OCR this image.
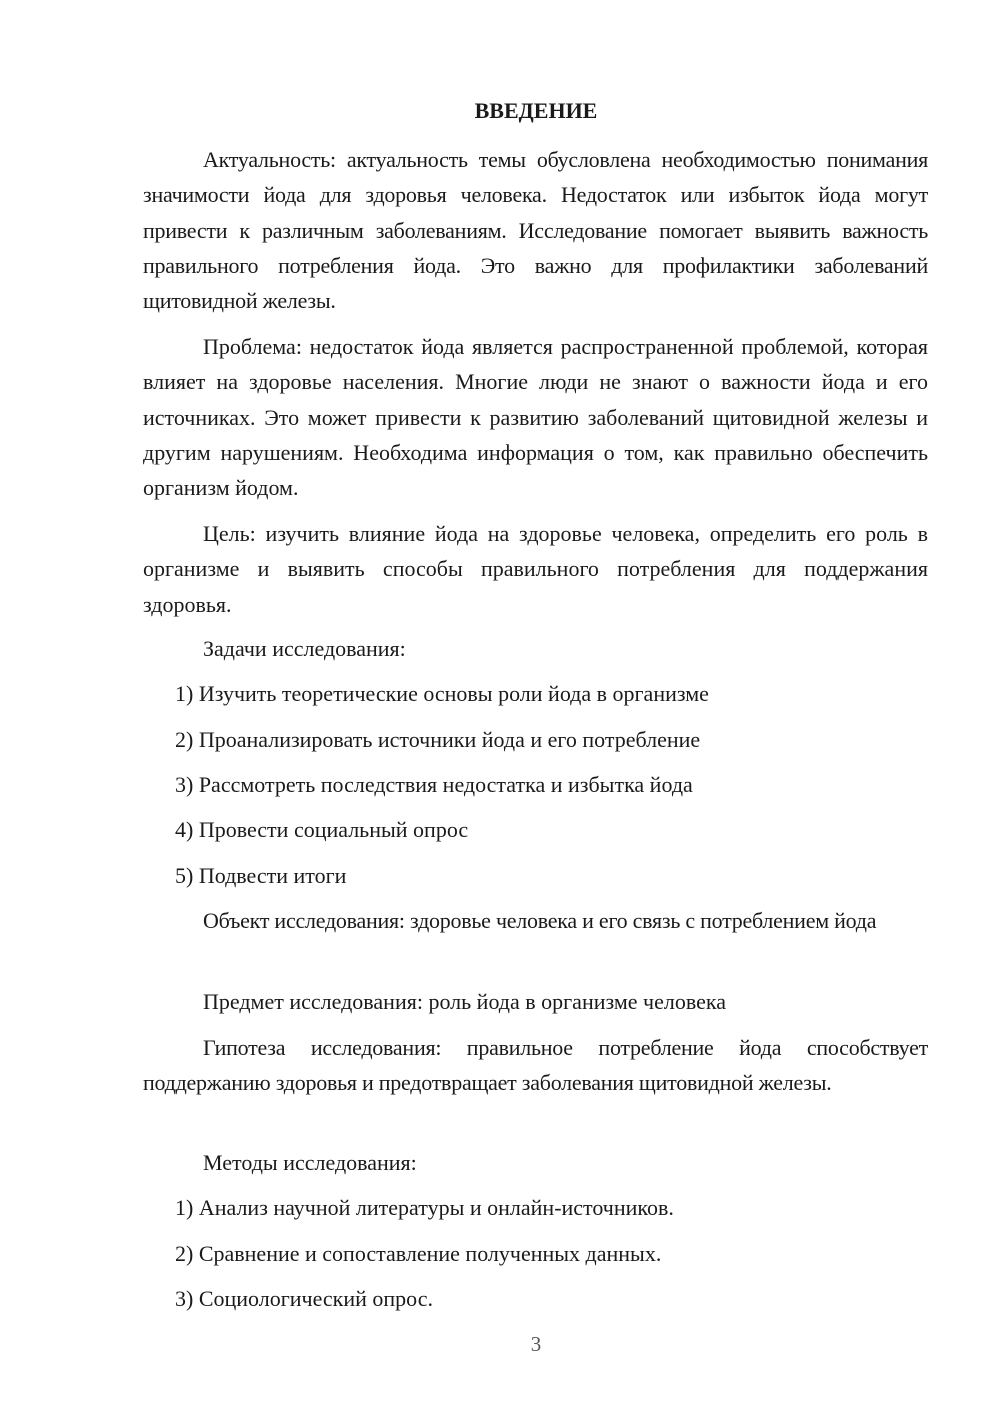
ВВЕДЕНИЕ
Актуальность: актуальность темы обусловлена необходимостью понимания значимости йода для здоровья человека. Недостаток или избыток йода могут привести к различным заболеваниям. Исследование помогает выявить важность правильного потребления йода. Это важно для профилактики заболеваний щитовидной железы.
Проблема: недостаток йода является распространенной проблемой, которая влияет на здоровье населения. Многие люди не знают о важности йода и его источниках. Это может привести к развитию заболеваний щитовидной железы и другим нарушениям. Необходима информация о том, как правильно обеспечить организм йодом.
Цель: изучить влияние йода на здоровье человека, определить его роль в организме и выявить способы правильного потребления для поддержания здоровья.
Задачи исследования:
1) Изучить теоретические основы роли йода в организме
2) Проанализировать источники йода и его потребление
3) Рассмотреть последствия недостатка и избытка йода
4) Провести социальный опрос
5) Подвести итоги
Объект исследования: здоровье человека и его связь с потреблением йода
Предмет исследования: роль йода в организме человека
Гипотеза исследования: правильное потребление йода способствует поддержанию здоровья и предотвращает заболевания щитовидной железы.
Методы исследования:
1) Анализ научной литературы и онлайн-источников.
2) Сравнение и сопоставление полученных данных.
3) Социологический опрос.
3
